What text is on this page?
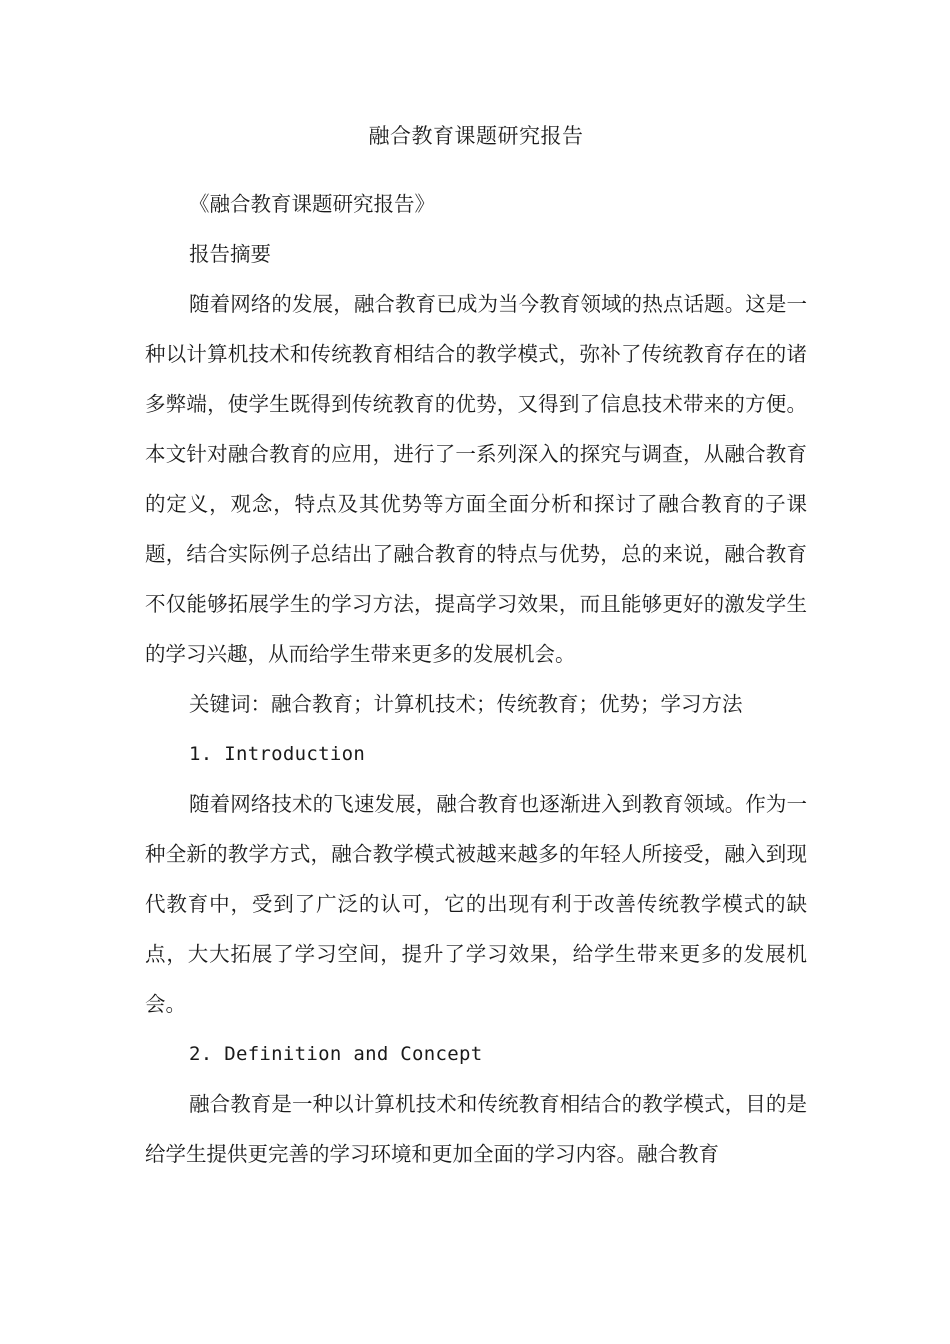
融合教育课题研究报告

《融合教育课题研究报告》

报告摘要

随着网络的发展，融合教育已成为当今教育领域的热点话题。这是一种以计算机技术和传统教育相结合的教学模式，弥补了传统教育存在的诸多弊端，使学生既得到传统教育的优势，又得到了信息技术带来的方便。本文针对融合教育的应用，进行了一系列深入的探究与调查，从融合教育的定义，观念，特点及其优势等方面全面分析和探讨了融合教育的子课题，结合实际例子总结出了融合教育的特点与优势，总的来说，融合教育不仅能够拓展学生的学习方法，提高学习效果，而且能够更好的激发学生的学习兴趣，从而给学生带来更多的发展机会。

关键词：融合教育；计算机技术；传统教育；优势；学习方法

1. Introduction

随着网络技术的飞速发展，融合教育也逐渐进入到教育领域。作为一种全新的教学方式，融合教学模式被越来越多的年轻人所接受，融入到现代教育中，受到了广泛的认可，它的出现有利于改善传统教学模式的缺点，大大拓展了学习空间，提升了学习效果，给学生带来更多的发展机会。

2. Definition and Concept

融合教育是一种以计算机技术和传统教育相结合的教学模式，目的是给学生提供更完善的学习环境和更加全面的学习内容。融合教育
